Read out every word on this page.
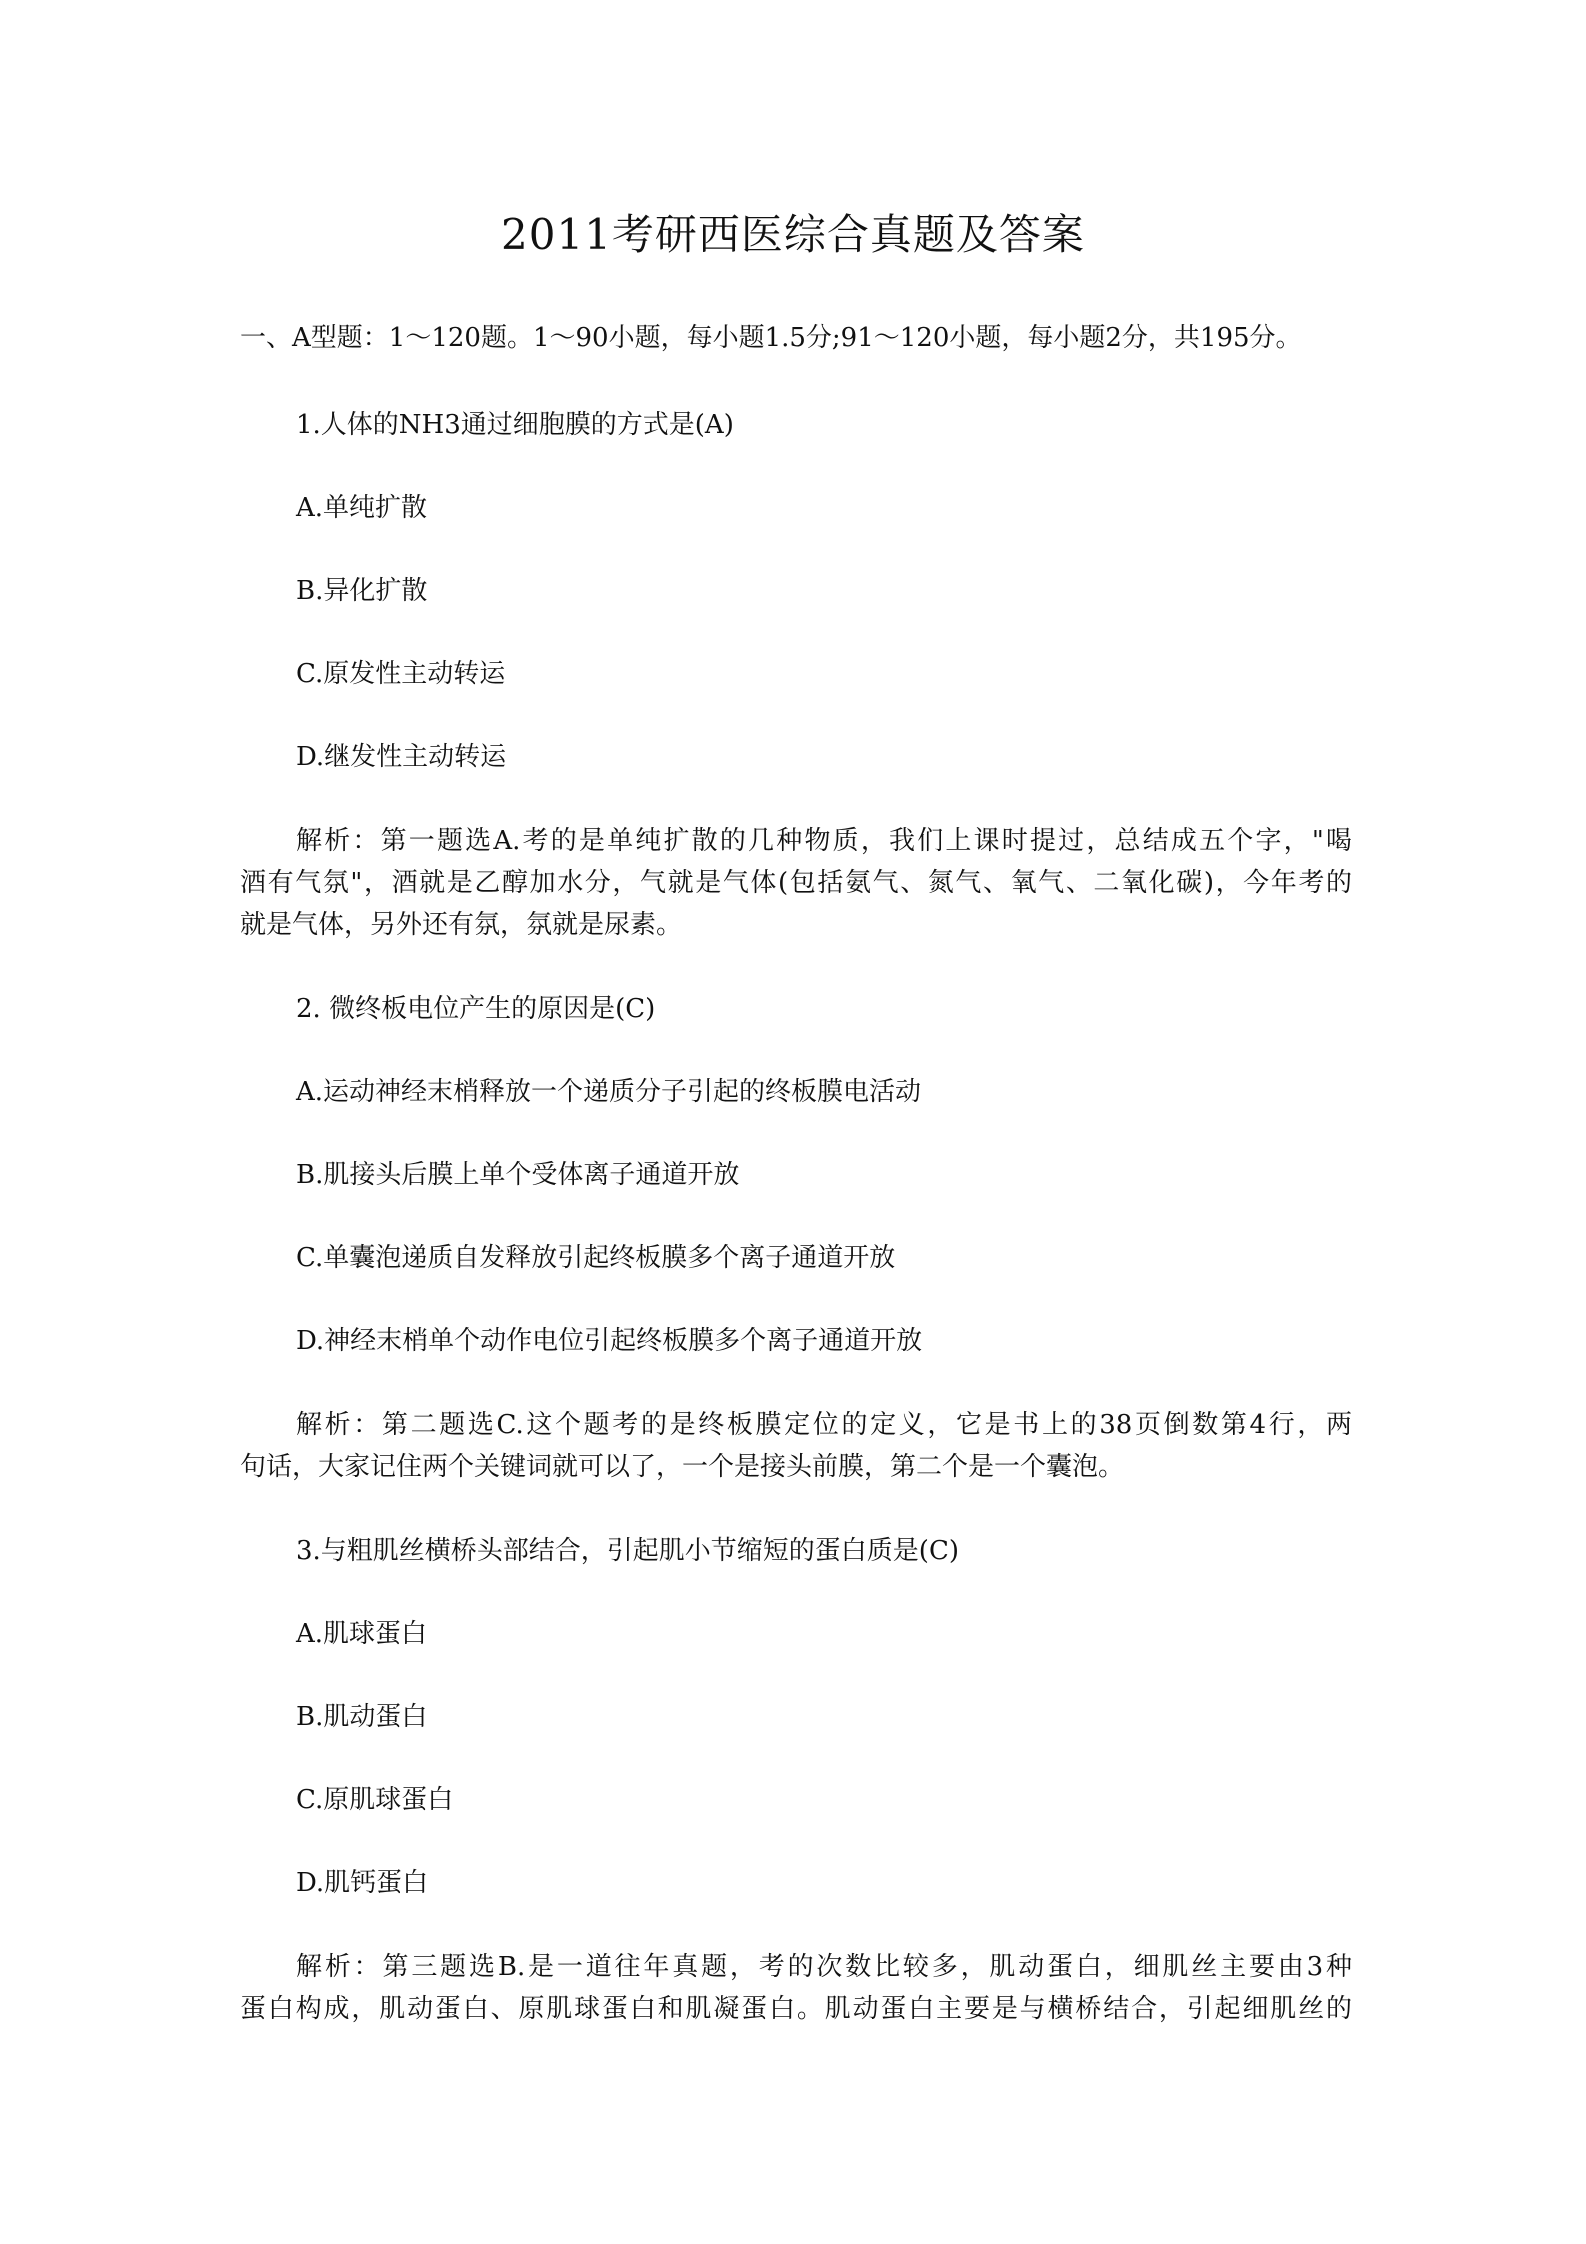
2011考研西医综合真题及答案

一、A型题：1～120题。1～90小题，每小题1.5分;91～120小题，每小题2分，共195分。

1.人体的NH3通过细胞膜的方式是(A)

A.单纯扩散

B.异化扩散

C.原发性主动转运

D.继发性主动转运

解析：第一题选A.考的是单纯扩散的几种物质，我们上课时提过，总结成五个字，"喝
酒有气氛"，酒就是乙醇加水分，气就是气体(包括氨气、氮气、氧气、二氧化碳)，今年考的
就是气体，另外还有氛，氛就是尿素。

2. 微终板电位产生的原因是(C)

A.运动神经末梢释放一个递质分子引起的终板膜电活动

B.肌接头后膜上单个受体离子通道开放

C.单囊泡递质自发释放引起终板膜多个离子通道开放

D.神经末梢单个动作电位引起终板膜多个离子通道开放

解析：第二题选C.这个题考的是终板膜定位的定义，它是书上的38页倒数第4行，两
句话，大家记住两个关键词就可以了，一个是接头前膜，第二个是一个囊泡。

3.与粗肌丝横桥头部结合，引起肌小节缩短的蛋白质是(C)

A.肌球蛋白

B.肌动蛋白

C.原肌球蛋白

D.肌钙蛋白

解析：第三题选B.是一道往年真题，考的次数比较多，肌动蛋白，细肌丝主要由3种
蛋白构成，肌动蛋白、原肌球蛋白和肌凝蛋白。肌动蛋白主要是与横桥结合，引起细肌丝的
